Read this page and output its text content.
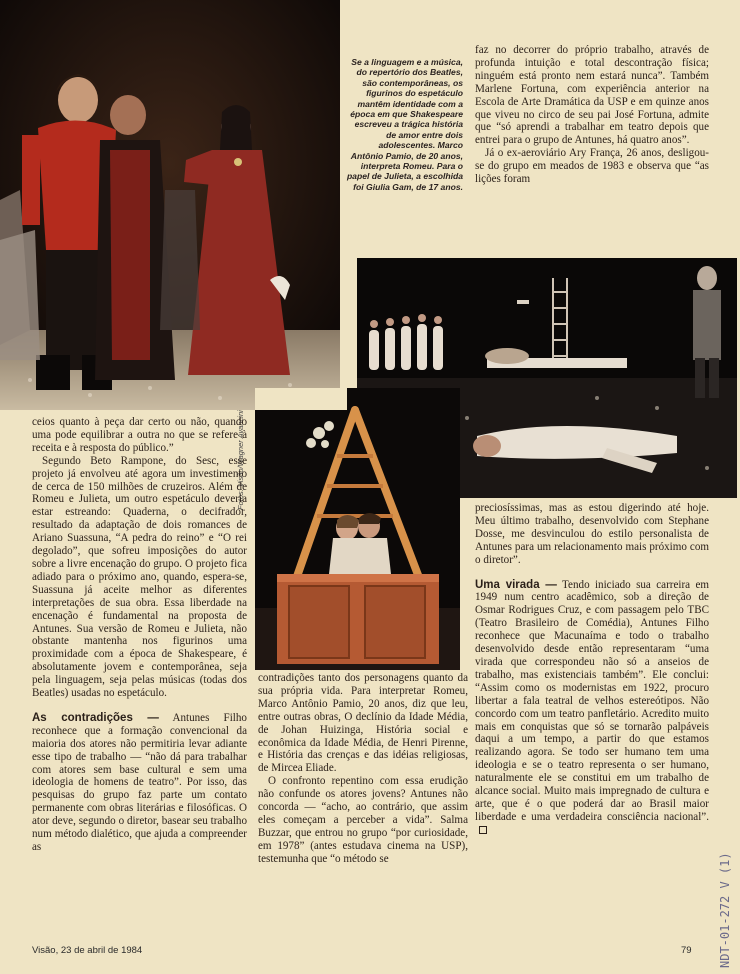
Se a linguagem e a música, do repertório dos Beatles, são contemporâneas, os figurinos do espetáculo mantêm identidade com a época em que Shakespeare escreveu a trágica história de amor entre dois adolescentes. Marco Antônio Pamio, de 20 anos, interpreta Romeu. Para o papel de Julieta, a escolhida foi Giulia Gam, de 17 anos.
Fotos: Visão/Wagner Avancini

ceios quanto à peça dar certo ou não, quando uma pode equilibrar a outra no que se refere à receita e à resposta do público.”

Segundo Beto Rampone, do Sesc, esse projeto já envolveu até agora um investimento de cerca de 150 milhões de cruzeiros. Além de Romeu e Julieta, um outro espetáculo deveria estar estreando: Quaderna, o decifrador, resultado da adaptação de dois romances de Ariano Suassuna, “A pedra do reino” e “O rei degolado”, que sofreu imposições do autor sobre a livre encenação do grupo. O projeto fica adiado para o próximo ano, quando, espera-se, Suassuna já aceite melhor as diferentes interpretações de sua obra. Essa liberdade na encenação é fundamental na proposta de Antunes. Sua versão de Romeu e Julieta, não obstante mantenha nos figurinos uma proximidade com a época de Shakespeare, é absolutamente jovem e contemporânea, seja pela linguagem, seja pelas músicas (todas dos Beatles) usadas no espetáculo.

As contradições — Antunes Filho reconhece que a formação convencional da maioria dos atores não permitiria levar adiante esse tipo de trabalho — “não dá para trabalhar com atores sem base cultural e sem uma ideologia de homens de teatro”. Por isso, das pesquisas do grupo faz parte um contato permanente com obras literárias e filosóficas. O ator deve, segundo o diretor, basear seu trabalho num método dialético, que ajuda a compreender as

contradições tanto dos personagens quanto da sua própria vida. Para interpretar Romeu, Marco Antônio Pamio, 20 anos, diz que leu, entre outras obras, O declínio da Idade Média, de Johan Huizinga, História social e econômica da Idade Média, de Henri Pirenne, e História das crenças e das idéias religiosas, de Mircea Eliade.

O confronto repentino com essa erudição não confunde os atores jovens? Antunes não concorda — “acho, ao contrário, que assim eles começam a perceber a vida”. Salma Buzzar, que entrou no grupo “por curiosidade, em 1978” (antes estudava cinema na USP), testemunha que “o método se

faz no decorrer do próprio trabalho, através de profunda intuição e total descontração física; ninguém está pronto nem estará nunca”. Também Marlene Fortuna, com experiência anterior na Escola de Arte Dramática da USP e em quinze anos que viveu no circo de seu pai José Fortuna, admite que “só aprendi a trabalhar em teatro depois que entrei para o grupo de Antunes, há quatro anos”.

Já o ex-aeroviário Ary França, 26 anos, desligou-se do grupo em meados de 1983 e observa que “as lições foram

preciosíssimas, mas as estou digerindo até hoje. Meu último trabalho, desenvolvido com Stephane Dosse, me desvinculou do estilo personalista de Antunes para um relacionamento mais próximo com o diretor”.

Uma virada — Tendo iniciado sua carreira em 1949 num centro acadêmico, sob a direção de Osmar Rodrigues Cruz, e com passagem pelo TBC (Teatro Brasileiro de Comédia), Antunes Filho reconhece que Macunaíma e todo o trabalho desenvolvido desde então representaram “uma virada que correspondeu não só a anseios de trabalho, mas existenciais também”. Ele conclui: “Assim como os modernistas em 1922, procuro libertar a fala teatral de velhos estereótipos. Não concordo com um teatro panfletário. Acredito muito mais em conquistas que só se tornarão palpáveis daqui a um tempo, a partir do que estamos realizando agora. Se todo ser humano tem uma ideologia e se o teatro representa o ser humano, naturalmente ele se constitui em um trabalho de alcance social. Muito mais impregnado de cultura e arte, que é o que poderá dar ao Brasil maior liberdade e uma verdadeira consciência nacional”.

Visão, 23 de abril de 1984	79 NDT-01-272 V (1)
